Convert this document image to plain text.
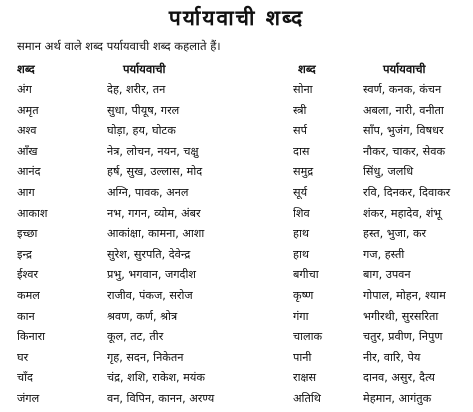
पर्यायवाची शब्द
समान अर्थ वाले शब्द पर्यायवाची शब्द कहलाते हैं।
शब्द	पर्यायवाची	शब्द	पर्यायवाची
अंग	देह, शरीर, तन	सोना	स्वर्ण, कनक, कंचन
अमृत	सुधा, पीयूष, गरल	स्त्री	अबला, नारी, वनीता
अश्व	घोड़ा, हय, घोटक	सर्प	साँप, भुजंग, विषधर
आँख	नेत्र, लोचन, नयन, चक्षु	दास	नौकर, चाकर, सेवक
आनंद	हर्ष, सुख, उल्लास, मोद	समुद्र	सिंधु, जलधि
आग	अग्नि, पावक, अनल	सूर्य	रवि, दिनकर, दिवाकर
आकाश	नभ, गगन, व्योम, अंबर	शिव	शंकर, महादेव, शंभू
इच्छा	आकांक्षा, कामना, आशा	हाथ	हस्त, भुजा, कर
इन्द्र	सुरेश, सुरपति, देवेन्द्र	हाथ	गज, हस्ती
ईश्वर	प्रभु, भगवान, जगदीश	बगीचा	बाग, उपवन
कमल	राजीव, पंकज, सरोज	कृष्ण	गोपाल, मोहन, श्याम
कान	श्रवण, कर्ण, श्रोत्र	गंगा	भगीरथी, सुरसरिता
किनारा	कूल, तट, तीर	चालाक	चतुर, प्रवीण, निपुण
घर	गृह, सदन, निकेतन	पानी	नीर, वारि, पेय
चाँद	चंद्र, शशि, राकेश, मयंक	राक्षस	दानव, असुर, दैत्य
जंगल	वन, विपिन, कानन, अरण्य	अतिथि	मेहमान, आगंतुक
